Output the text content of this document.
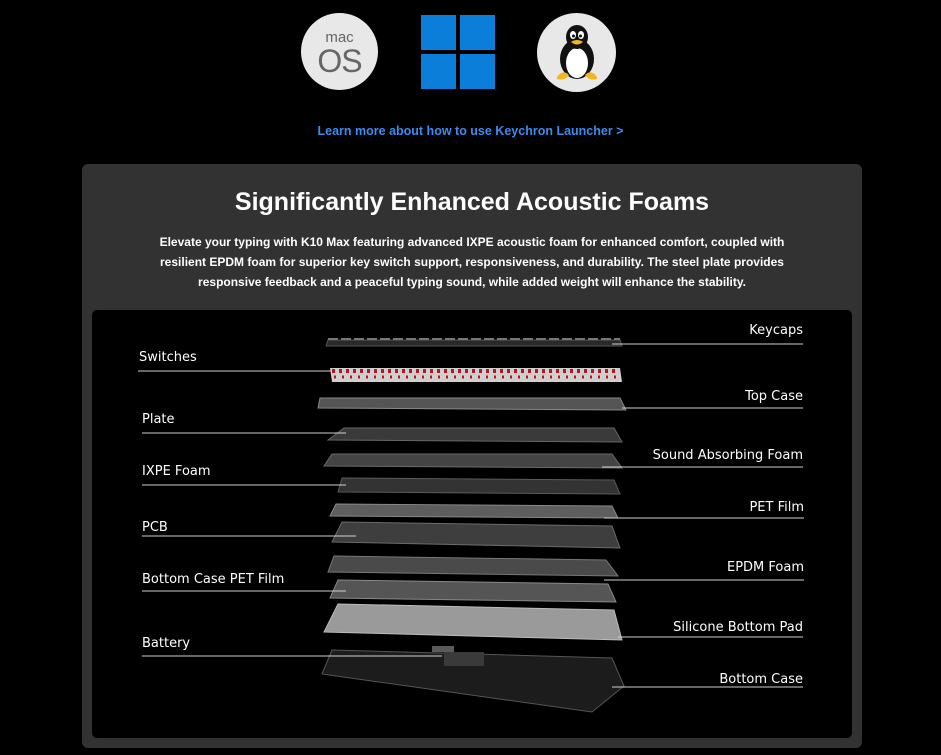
mac
OS
Learn more about how to use Keychron Launcher >
Significantly Enhanced Acoustic Foams

Elevate your typing with K10 Max featuring advanced IXPE acoustic foam for enhanced comfort, coupled with resilient EPDM foam for superior key switch support, responsiveness, and durability. The steel plate provides responsive feedback and a peaceful typing sound, while added weight will enhance the stability.

Switches
Plate
IXPE Foam
PCB
Bottom Case PET Film
Battery
Keycaps
Top Case
Sound Absorbing Foam
PET Film
EPDM Foam
Silicone Bottom Pad
Bottom Case
